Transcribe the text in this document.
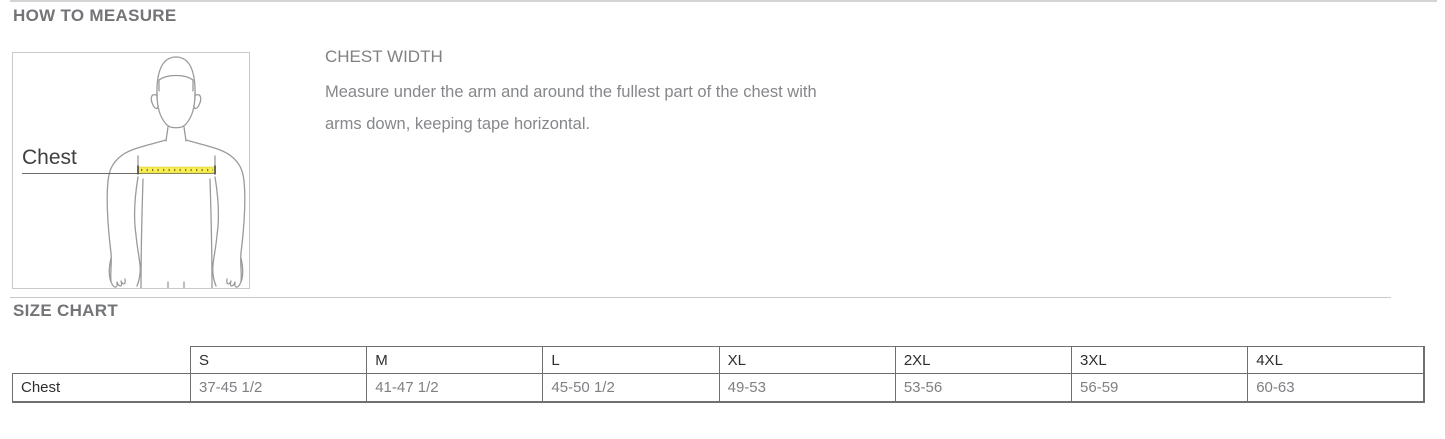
HOW TO MEASURE
Chest

CHEST WIDTH

Measure under the arm and around the fullest part of the chest with arms down, keeping tape horizontal.

SIZE CHART
	S	M	L	XL	2XL	3XL	4XL
Chest	37-45 1/2	41-47 1/2	45-50 1/2	49-53	53-56	56-59	60-63
